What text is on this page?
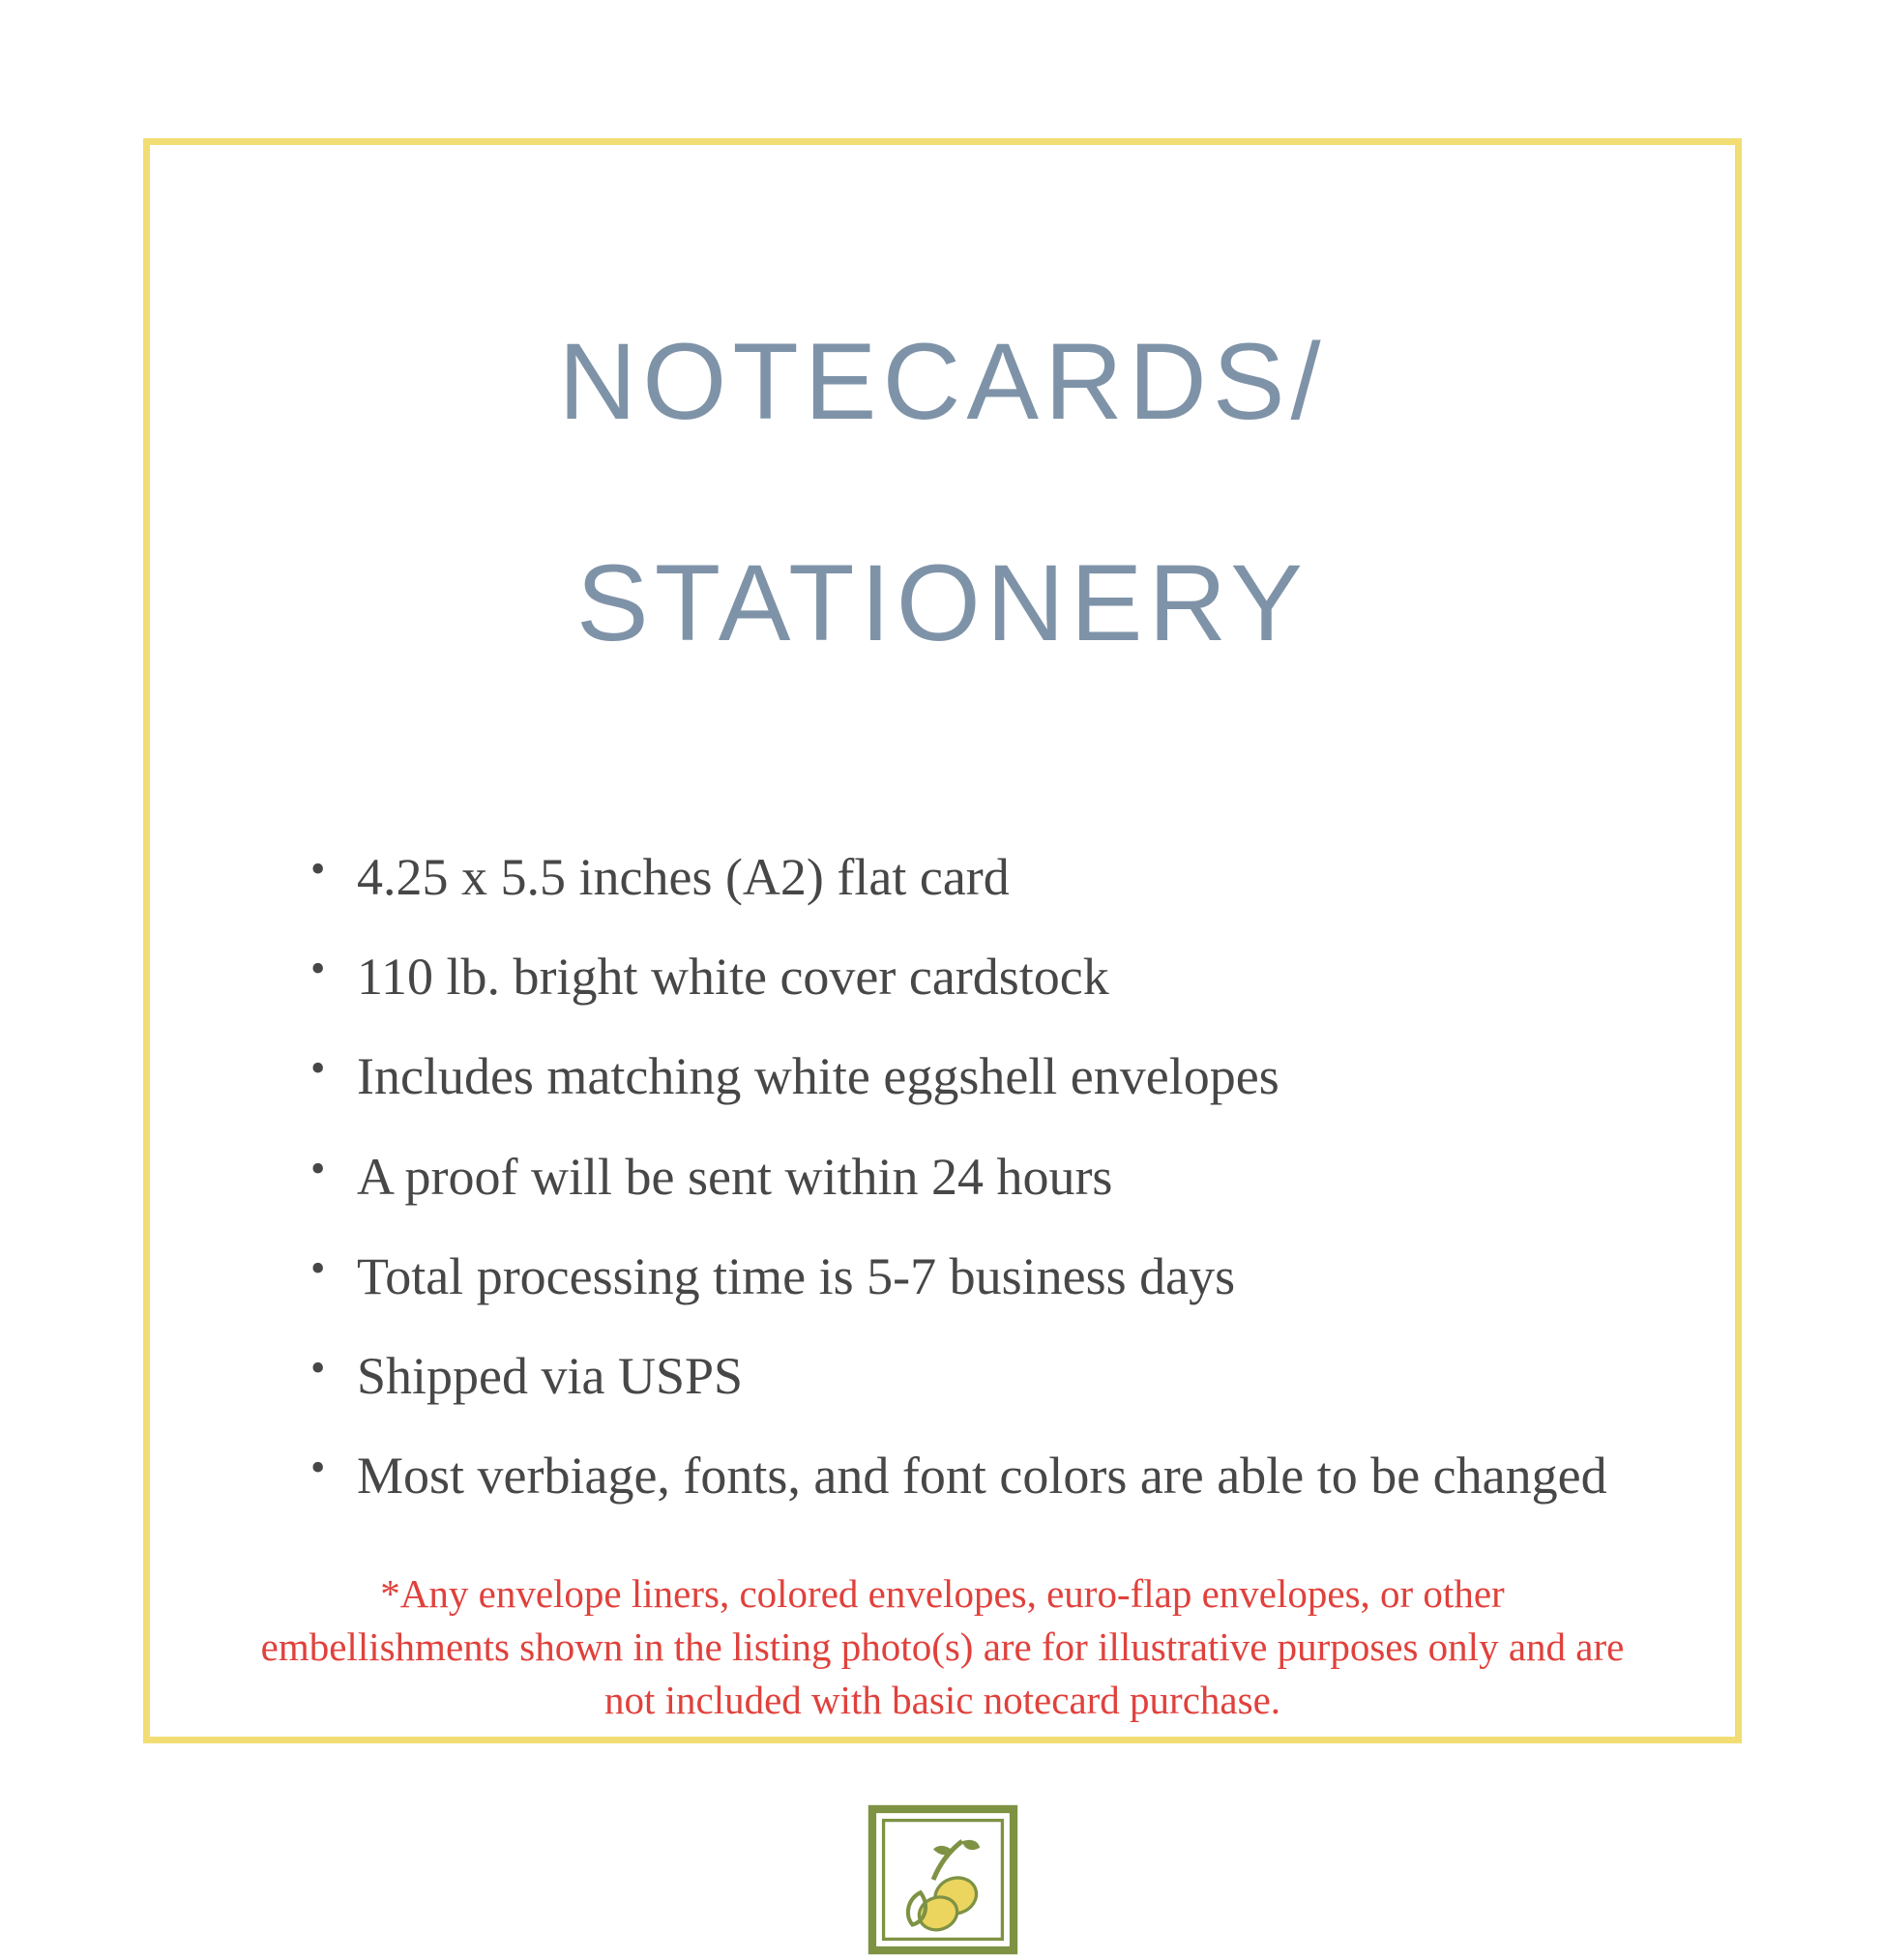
NOTECARDS/

STATIONERY

• 4.25 x 5.5 inches (A2) flat card
• 110 lb. bright white cover cardstock
• Includes matching white eggshell envelopes
• A proof will be sent within 24 hours
• Total processing time is 5-7 business days
• Shipped via USPS
• Most verbiage, fonts, and font colors are able to be changed

*Any envelope liners, colored envelopes, euro-flap envelopes, or other embellishments shown in the listing photo(s) are for illustrative purposes only and are not included with basic notecard purchase.
